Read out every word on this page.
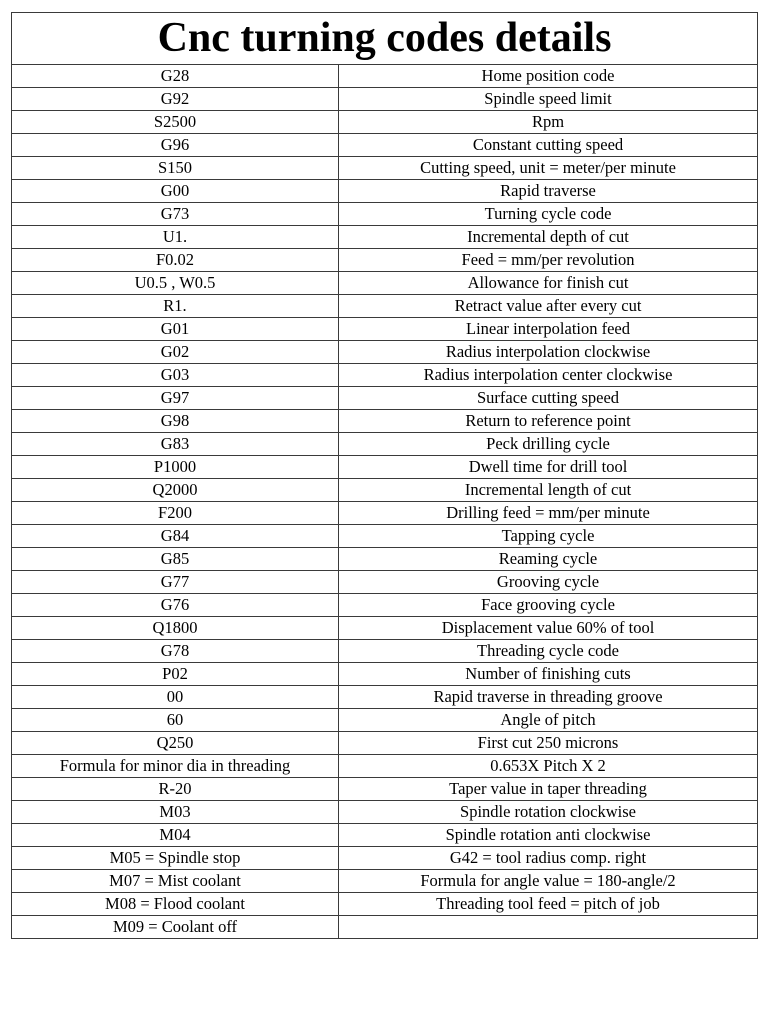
Cnc turning codes details	
G28	Home position code
G92	Spindle speed limit
S2500	Rpm
G96	Constant cutting speed
S150	Cutting speed, unit = meter/per minute
G00	Rapid traverse
G73	Turning cycle code
U1.	Incremental depth of cut
F0.02	Feed = mm/per revolution
U0.5 , W0.5	Allowance for finish cut
R1.	Retract value after every cut
G01	Linear interpolation feed
G02	Radius interpolation clockwise
G03	Radius interpolation center clockwise
G97	Surface cutting speed
G98	Return to reference point
G83	Peck drilling cycle
P1000	Dwell time for drill tool
Q2000	Incremental length of cut
F200	Drilling feed = mm/per minute
G84	Tapping cycle
G85	Reaming cycle
G77	Grooving cycle
G76	Face grooving cycle
Q1800	Displacement value 60% of tool
G78	Threading cycle code
P02	Number of finishing cuts
00	Rapid traverse in threading groove
60	Angle of pitch
Q250	First cut 250 microns
Formula for minor dia in threading	0.653X Pitch X 2
R-20	Taper value in taper threading
M03	Spindle rotation clockwise
M04	Spindle rotation anti clockwise
M05 = Spindle stop	G42 = tool radius comp. right
M07 = Mist coolant	Formula for angle value = 180-angle/2
M08 = Flood coolant	Threading tool feed = pitch of job
M09 = Coolant off	
